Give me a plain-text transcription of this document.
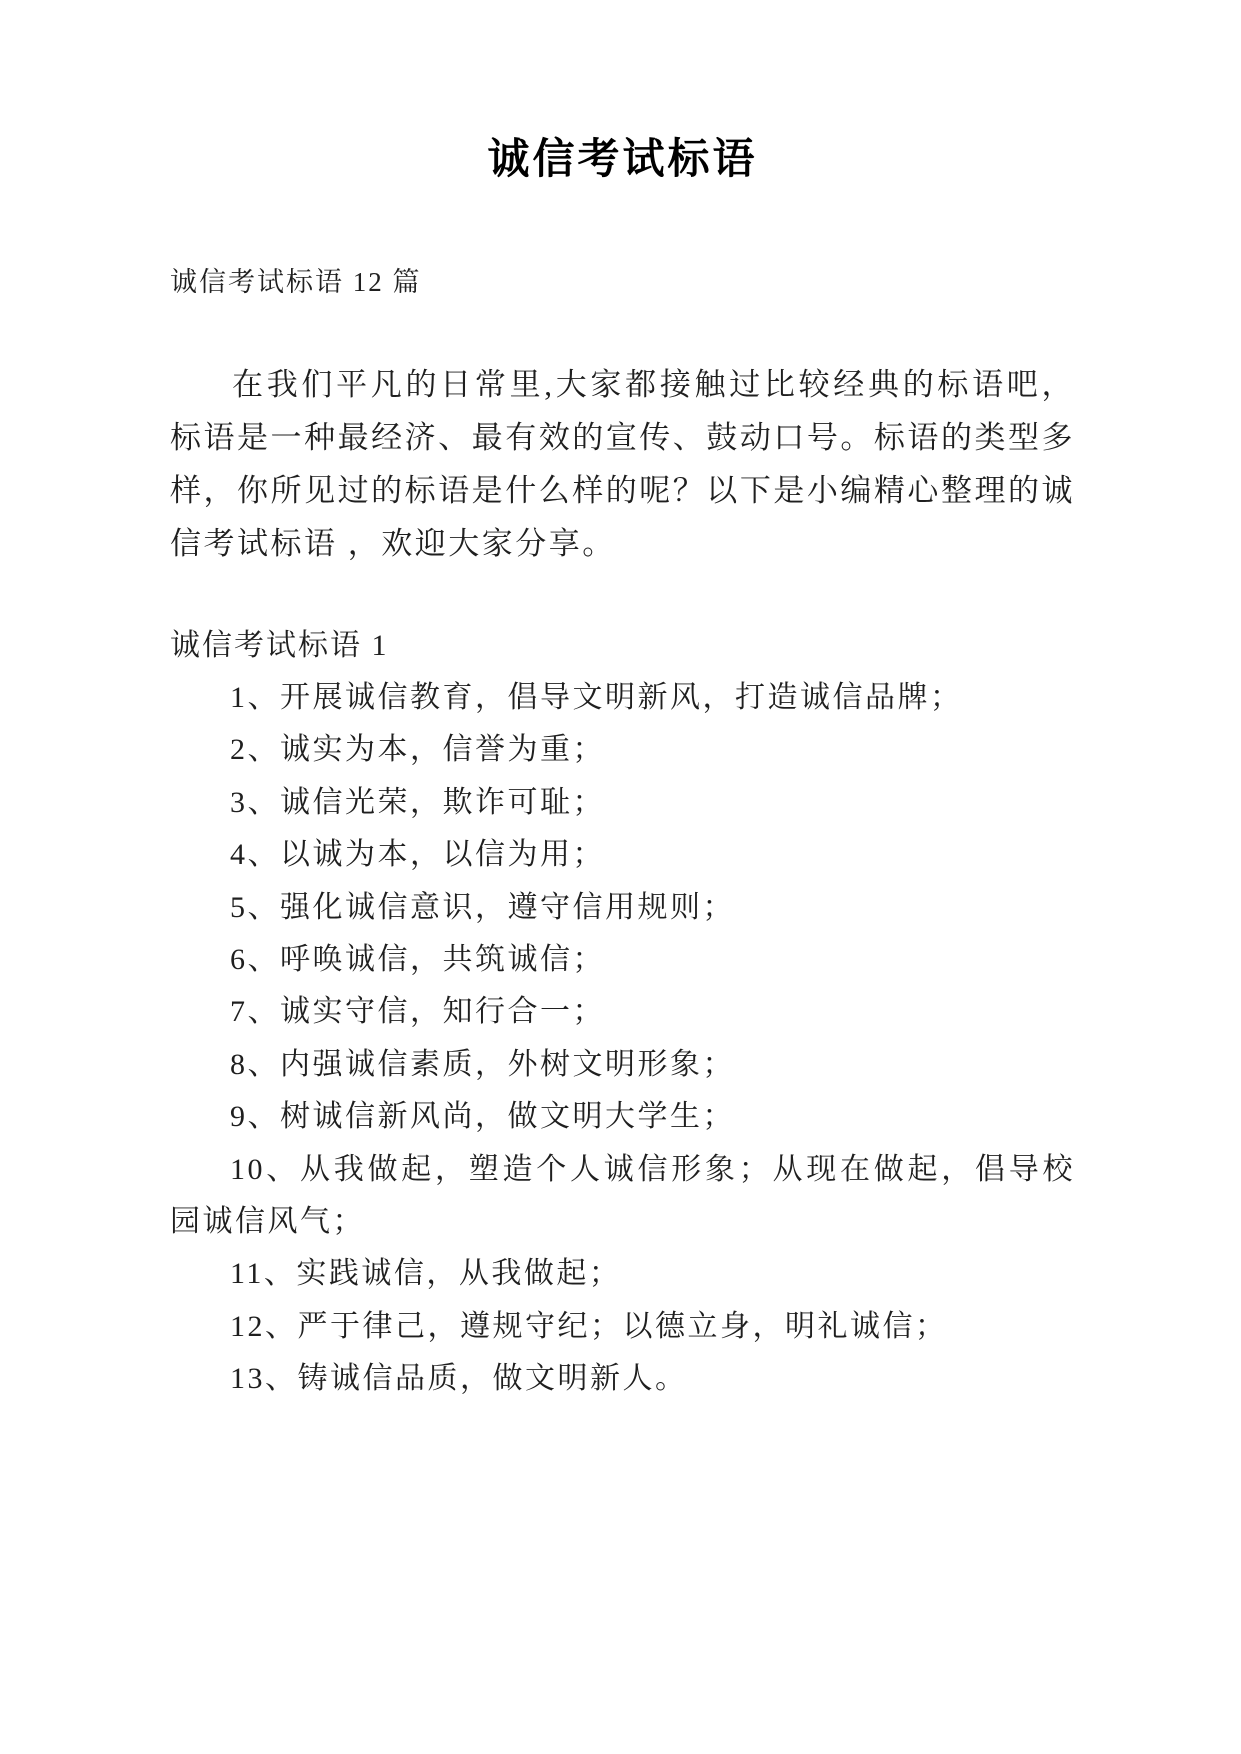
诚信考试标语
诚信考试标语 12 篇

在我们平凡的日常里,大家都接触过比较经典的标语吧，标语是一种最经济、最有效的宣传、鼓动口号。标语的类型多样，你所见过的标语是什么样的呢？以下是小编精心整理的诚信考试标语 ，欢迎大家分享。

诚信考试标语 1

1、开展诚信教育，倡导文明新风，打造诚信品牌；

2、诚实为本，信誉为重；

3、诚信光荣，欺诈可耻；

4、以诚为本，以信为用；

5、强化诚信意识，遵守信用规则；

6、呼唤诚信，共筑诚信；

7、诚实守信，知行合一；

8、内强诚信素质，外树文明形象；

9、树诚信新风尚，做文明大学生；

10、从我做起，塑造个人诚信形象；从现在做起，倡导校园诚信风气；

11、实践诚信，从我做起；

12、严于律己，遵规守纪；以德立身，明礼诚信；

13、铸诚信品质，做文明新人。
